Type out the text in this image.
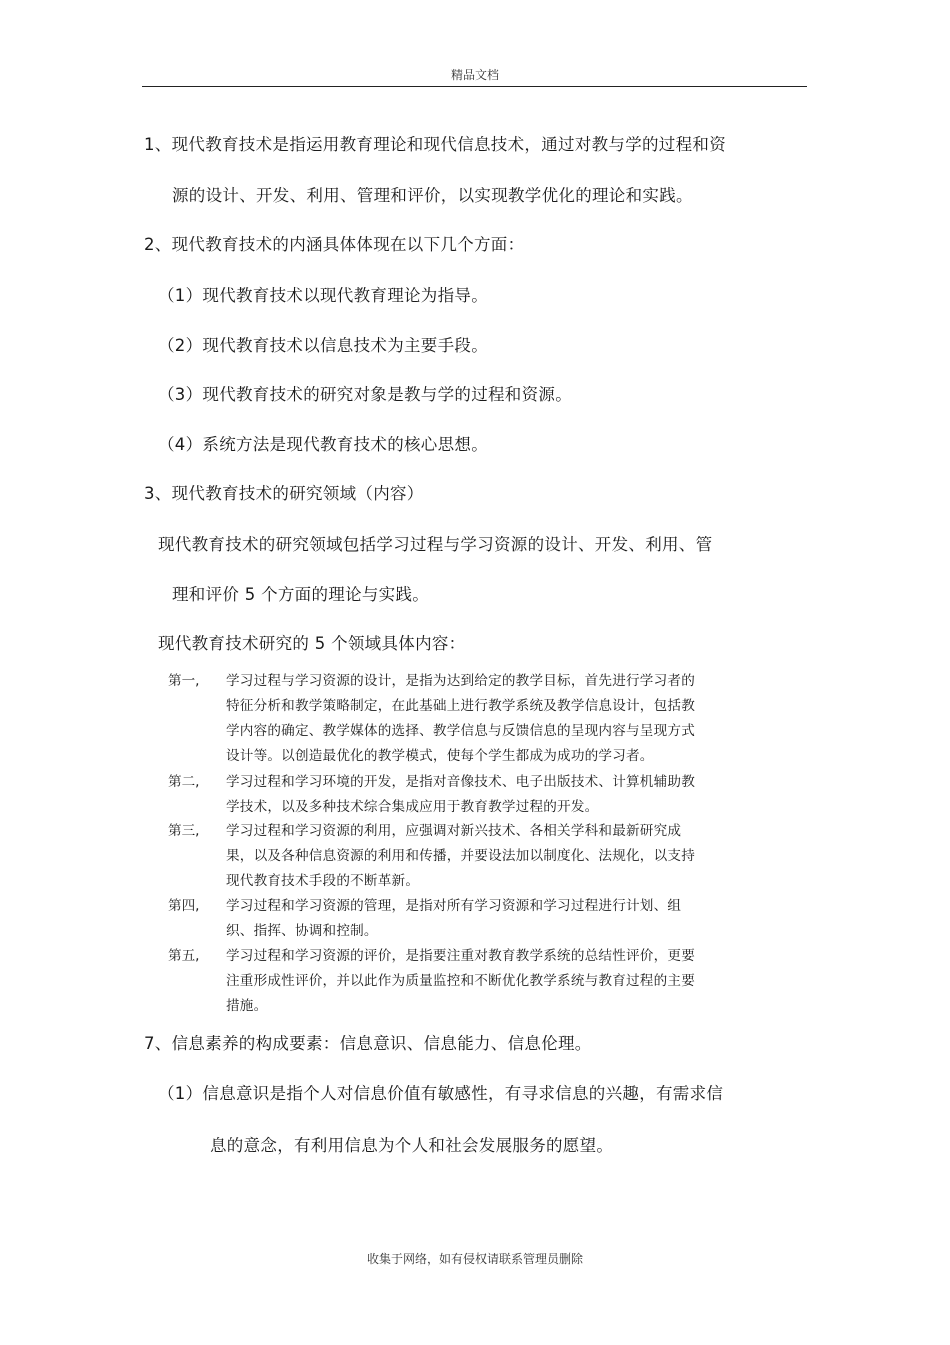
精品文档
1、现代教育技术是指运用教育理论和现代信息技术，通过对教与学的过程和资
源的设计、开发、利用、管理和评价，以实现教学优化的理论和实践。
2、现代教育技术的内涵具体体现在以下几个方面：
（1）现代教育技术以现代教育理论为指导。
（2）现代教育技术以信息技术为主要手段。
（3）现代教育技术的研究对象是教与学的过程和资源。
（4）系统方法是现代教育技术的核心思想。
3、现代教育技术的研究领域（内容）
现代教育技术的研究领域包括学习过程与学习资源的设计、开发、利用、管
理和评价 5 个方面的理论与实践。
现代教育技术研究的 5 个领域具体内容：
第一, 学习过程与学习资源的设计，是指为达到给定的教学目标，首先进行学习者的
特征分析和教学策略制定，在此基础上进行教学系统及教学信息设计，包括教
学内容的确定、教学媒体的选择、教学信息与反馈信息的呈现内容与呈现方式
设计等。以创造最优化的教学模式，使每个学生都成为成功的学习者。
第二, 学习过程和学习环境的开发，是指对音像技术、电子出版技术、计算机辅助教
学技术，以及多种技术综合集成应用于教育教学过程的开发。
第三, 学习过程和学习资源的利用，应强调对新兴技术、各相关学科和最新研究成
果，以及各种信息资源的利用和传播，并要设法加以制度化、法规化，以支持
现代教育技术手段的不断革新。
第四, 学习过程和学习资源的管理，是指对所有学习资源和学习过程进行计划、组
织、指挥、协调和控制。
第五, 学习过程和学习资源的评价，是指要注重对教育教学系统的总结性评价，更要
注重形成性评价，并以此作为质量监控和不断优化教学系统与教育过程的主要
措施。
7、信息素养的构成要素：信息意识、信息能力、信息伦理。
（1）信息意识是指个人对信息价值有敏感性，有寻求信息的兴趣，有需求信
息的意念，有利用信息为个人和社会发展服务的愿望。
收集于网络，如有侵权请联系管理员删除
